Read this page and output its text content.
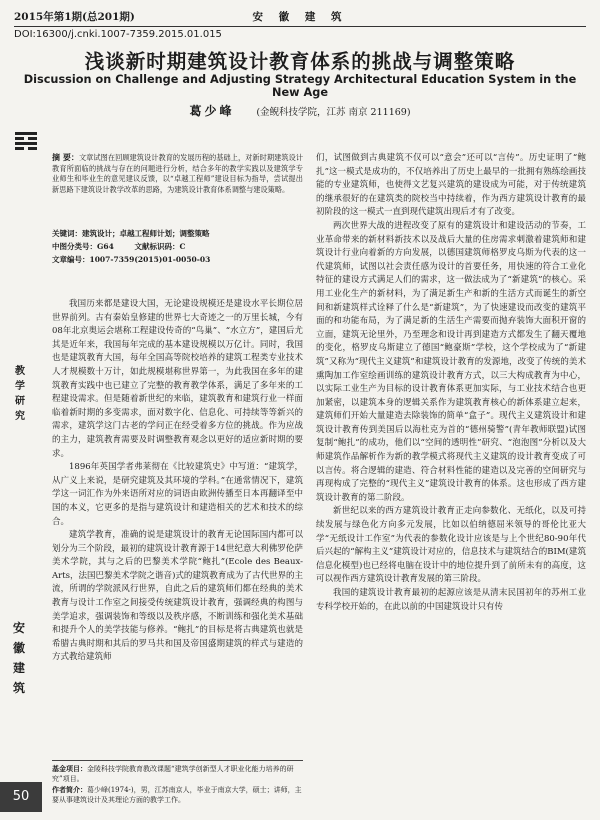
2015年第1期(总201期)	安 徽 建 筑
DOI:16300/j.cnki.1007-7359.2015.01.015
浅谈新时期建筑设计教育体系的挑战与调整策略
Discussion on Challenge and Adjusting Strategy Architectural Education System in the New Age
葛少峰 (金鲵科技学院，江苏 南京 211169)
教学研究
安徽建筑
50
摘 要：文章试图在回顾建筑设计教育的发展历程的基础上，对新时期建筑设计教育所面临的挑战与存在的问题进行分析，结合多年的教学实践以及建筑学专业师生和毕业生的意见建议反馈，以“卓越工程师”建设目标为指导，尝试提出新思路下建筑设计教学改革的思路，为建筑设计教育体系调整与建设策略。
关键词：建筑设计；卓越工程师计划；调整策略
中图分类号：G64	文献标识码：C
文章编号：1007-7359(2015)01-0050-03

我国历来都是建设大国，无论建设规模还是建设水平长期位居世界前列。古有秦始皇修建的世界七大奇迹之一的万里长城，今有08年北京奥运会堪称工程建设传奇的“鸟巢”、“水立方”，建国后尤其是近年来，我国每年完成的基本建设规模以万亿计。同时，我国也是建筑教育大国，每年全国高等院校培养的建筑工程类专业技术人才规模数十万计，如此规模堪称世界第一，为此我国在多年的建筑教育实践中也已建立了完整的教育教学体系，满足了多年来的工程建设需求。但是随着新世纪的来临，建筑教育和建筑行业一样面临着新时期的多变需求，面对数字化、信息化、可持续等等新兴的需求，建筑学这门古老的学问正在经受着多方位的挑战。作为应战的主力，建筑教育需要及时调整教育观念以更好的适应新时期的要求。

1896年英国学者弗莱彻在《比较建筑史》中写道：“建筑学，从广义上来说，是研究建筑及其环境的学科。”在通常情况下，建筑学这一词汇作为外来语所对应的词语由欧洲传播至日本再翻译至中国的本义，它更多的是指与建筑设计和建造相关的艺术和技术的综合。

建筑学教育，准确的说是建筑设计的教育无论国际国内都可以划分为三个阶段，最初的建筑设计教育源于14世纪意大利佛罗伦萨美术学院，其与之后的巴黎美术学院“鲍扎”(Ecole des Beaux-Arts，法国巴黎美术学院之谐音)式的建筑教育成为了古代世界的主流，所谓的学院派风行世界，自此之后的建筑师们都在经典的美术教育与设计工作室之间接受传统建筑设计教育，强调经典的构图与美学追求，强调装饰和等级以及秩序感，不断训练和强化美术基础和提升个人的美学技能与修养。“鲍扎”的目标是将古典建筑也就是希腊古典时期和其后的罗马共和国及帝国盛期建筑的样式与建造的方式教给建筑师

们，试图做到古典建筑不仅可以“意会”还可以“言传”。历史证明了“鲍扎”这一模式是成功的，不仅培养出了历史上最早的一批拥有熟练绘画技能的专业建筑师，也使得文艺复兴建筑的建设成为可能，对于传统建筑的继承很好的在建筑类的院校当中持续着，作为西方建筑设计教育的最初阶段的这一模式一直到现代建筑出现后才有了改变。

两次世界大战的进程改变了原有的建筑设计和建设活动的节奏，工业革命带来的新材料新技术以及战后大量的住房需求刺激着建筑师和建筑设计行业向着新的方向发展，以德国建筑师格罗皮乌斯为代表的这一代建筑师，试图以社会责任感为设计的首要任务，用快速的符合工业化特征的建设方式满足人们的需求，这一做法成为了“新建筑”的核心。采用工业化生产的新材料，为了满足新生产和新的生活方式而诞生的新空间和新建筑样式诠释了什么是“新建筑”，为了快速建设而改变的建筑平面的和功能布局，为了满足新的生活生产需要而抛弃装饰大面积开窗的立面，建筑无论里外，乃至理念和设计再到建造方式都发生了翻天覆地的变化，格罗皮乌斯建立了德国“鲍豪斯”学校，这个学校成为了“新建筑”又称为“现代主义建筑”和建筑设计教育的发源地，改变了传统的美术熏陶加工作室绘画训练的建筑设计教育方式，以三大构成教育为中心，以实际工业生产为目标的设计教育体系更加实际，与工业技术结合也更加紧密，以建筑本身的逻辑关系作为建筑教育核心的新体系建立起来，建筑师们开始大量建造去除装饰的简单“盒子”。现代主义建筑设计和建筑设计教育传到美国后以海杜克为首的“德州骑警”(青年教师联盟)试图复制“鲍扎”的成功，他们以“空间的透明性”研究、“泡泡图”分析以及大师建筑作品解析作为新的教学模式将现代主义建筑的设计教育变成了可以言传。将合逻辑的建造、符合材料性能的建造以及完善的空间研究与再现构成了完整的“现代主义”建筑设计教育的体系。这也形成了西方建筑设计教育的第二阶段。

新世纪以来的西方建筑设计教育正走向参数化、无纸化，以及可持续发展与绿色化方向多元发展，比如以伯纳德屈米领导的哥伦比亚大学“无纸设计工作室”为代表的参数化设计应该是与上个世纪80-90年代后兴起的“解构主义”建筑设计对应的，信息技术与建筑结合的BIM(建筑信息化模型)也已经将电脑在设计中的地位提升到了前所未有的高度，这可以视作西方建筑设计教育发展的第三阶段。

我国的建筑设计教育最初的起源应该是从清末民国初年的苏州工业专科学校开始的，在此以前的中国建筑设计只有传

基金项目：金陵科技学院教育教改课题“建筑学创新型人才职业化能力培养的研究”项目。
作者简介：葛少峰(1974-)，男，江苏南京人，毕业于南京大学，硕士；讲师，主要从事建筑设计及其理论方面的教学工作。
